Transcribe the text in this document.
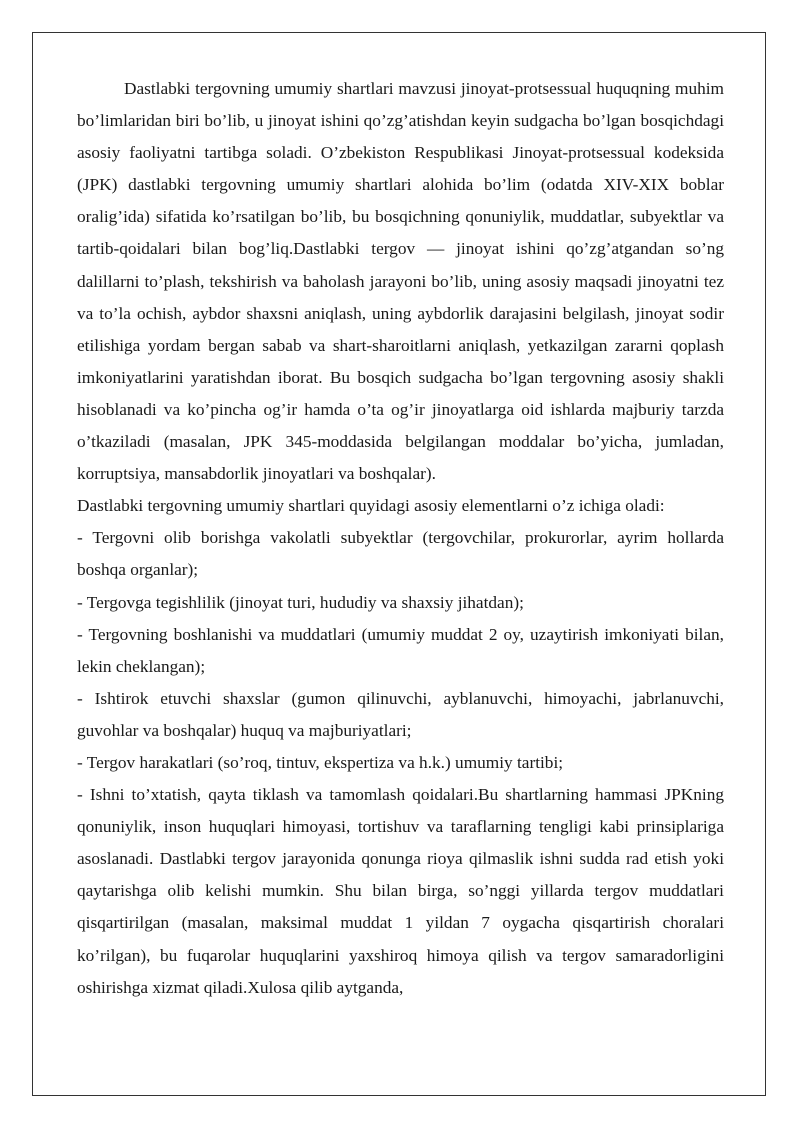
Dastlabki tergovning umumiy shartlari mavzusi jinoyat-protsessual huquqning muhim bo’limlaridan biri bo’lib, u jinoyat ishini qo’zg’atishdan keyin sudgacha bo’lgan bosqichdagi asosiy faoliyatni tartibga soladi. O’zbekiston Respublikasi Jinoyat-protsessual kodeksida (JPK) dastlabki tergovning umumiy shartlari alohida bo’lim (odatda XIV-XIX boblar oralig’ida) sifatida ko’rsatilgan bo’lib, bu bosqichning qonuniylik, muddatlar, subyektlar va tartib-qoidalari bilan bog’liq.Dastlabki tergov — jinoyat ishini qo’zg’atgandan so’ng dalillarni to’plash, tekshirish va baholash jarayoni bo’lib, uning asosiy maqsadi jinoyatni tez va to’la ochish, aybdor shaxsni aniqlash, uning aybdorlik darajasini belgilash, jinoyat sodir etilishiga yordam bergan sabab va shart-sharoitlarni aniqlash, yetkazilgan zararni qoplash imkoniyatlarini yaratishdan iborat. Bu bosqich sudgacha bo’lgan tergovning asosiy shakli hisoblanadi va ko’pincha og’ir hamda o’ta og’ir jinoyatlarga oid ishlarda majburiy tarzda o’tkaziladi (masalan, JPK 345-moddasida belgilangan moddalar bo’yicha, jumladan, korruptsiya, mansabdorlik jinoyatlari va boshqalar).

Dastlabki tergovning umumiy shartlari quyidagi asosiy elementlarni o’z ichiga oladi:

- Tergovni olib borishga vakolatli subyektlar (tergovchilar, prokurorlar, ayrim hollarda boshqa organlar);

- Tergovga tegishlilik (jinoyat turi, hududiy va shaxsiy jihatdan);

- Tergovning boshlanishi va muddatlari (umumiy muddat 2 oy, uzaytirish imkoniyati bilan, lekin cheklangan);

- Ishtirok etuvchi shaxslar (gumon qilinuvchi, ayblanuvchi, himoyachi, jabrlanuvchi, guvohlar va boshqalar) huquq va majburiyatlari;

- Tergov harakatlari (so’roq, tintuv, ekspertiza va h.k.) umumiy tartibi;

- Ishni to’xtatish, qayta tiklash va tamomlash qoidalari.Bu shartlarning hammasi JPKning qonuniylik, inson huquqlari himoyasi, tortishuv va taraflarning tengligi kabi prinsiplariga asoslanadi. Dastlabki tergov jarayonida qonunga rioya qilmaslik ishni sudda rad etish yoki qaytarishga olib kelishi mumkin. Shu bilan birga, so’nggi yillarda tergov muddatlari qisqartirilgan (masalan, maksimal muddat 1 yildan 7 oygacha qisqartirish choralari ko’rilgan), bu fuqarolar huquqlarini yaxshiroq himoya qilish va tergov samaradorligini oshirishga xizmat qiladi.Xulosa qilib aytganda,
